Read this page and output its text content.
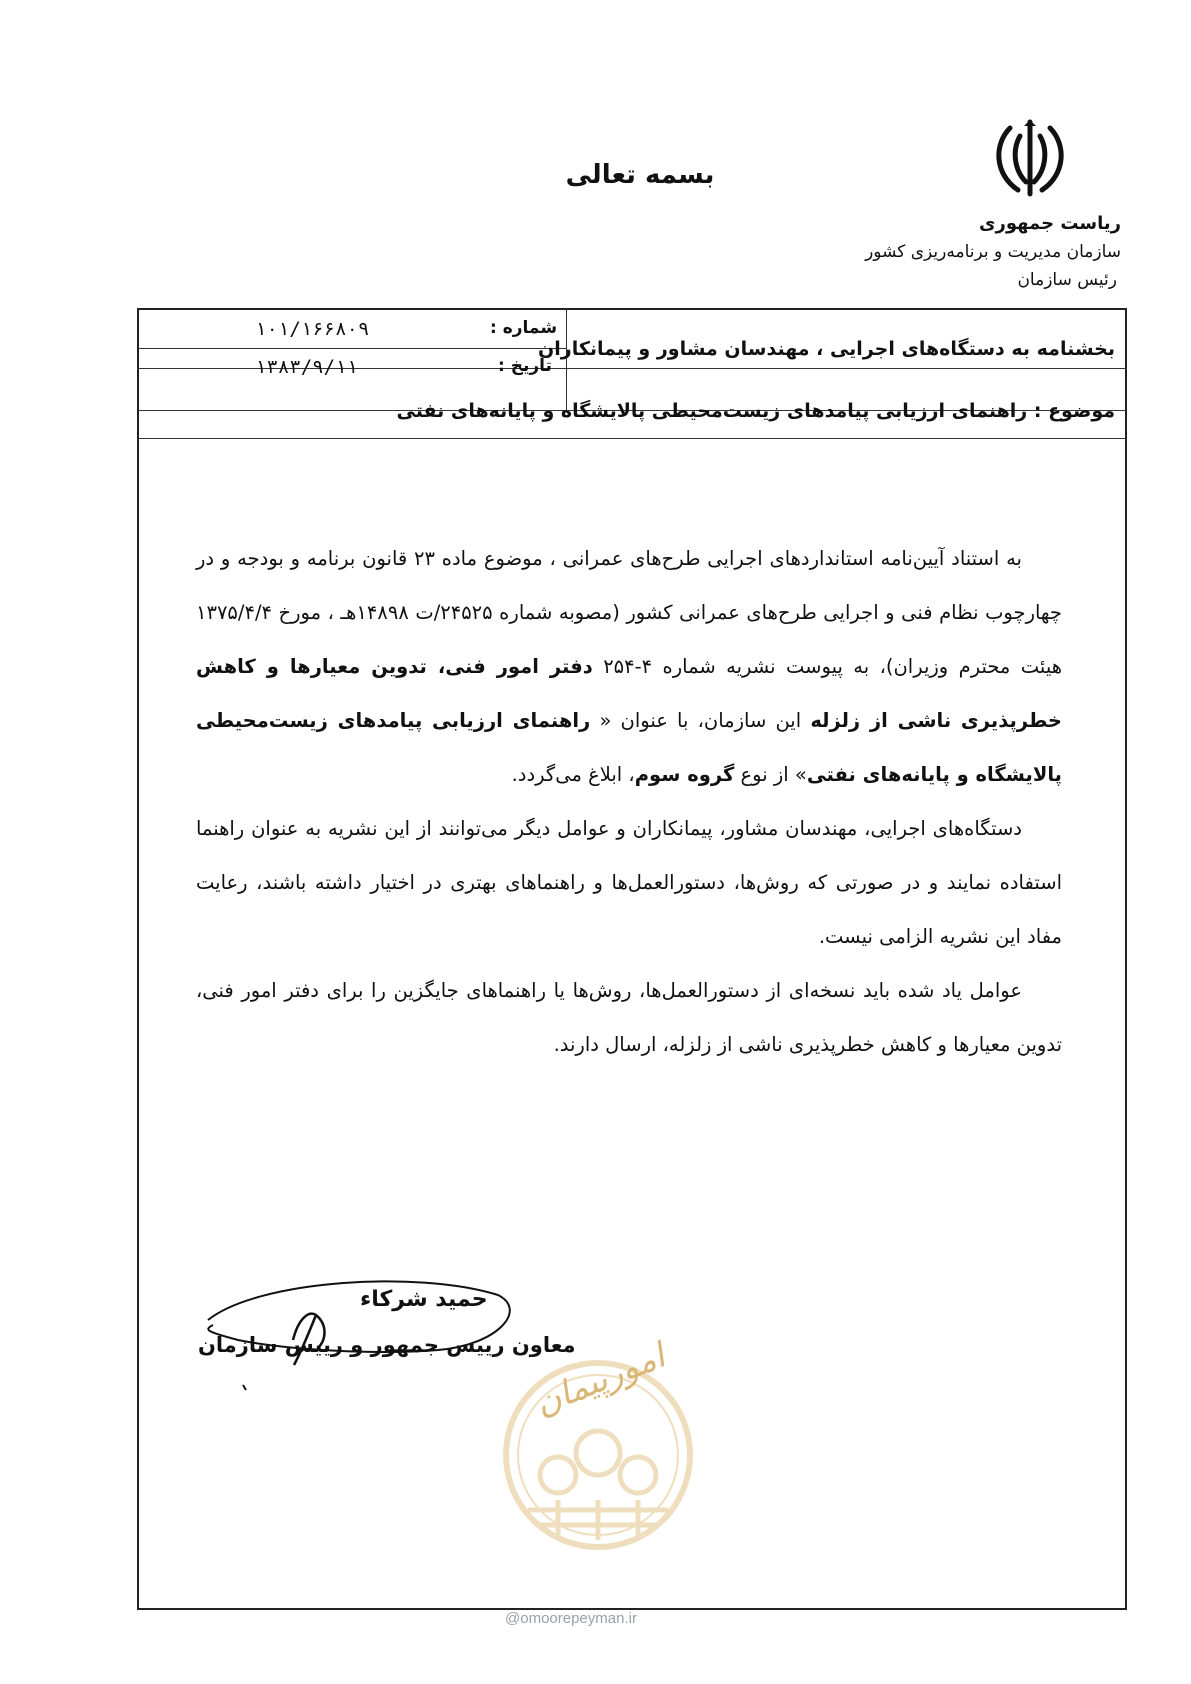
بسمه تعالی
ریاست جمهوری
سازمان مدیریت و برنامه‌ریزی کشور
رئیس سازمان
شماره :
۱۰۱/۱۶۶۸۰۹
تاریخ :
۱۳۸۳/۹/۱۱
بخشنامه به دستگاه‌های اجرایی ، مهندسان مشاور و پیمانکاران
موضوع : راهنمای ارزیابی پیامدهای زیست‌محیطی پالایشگاه و پایانه‌های نفتی

به استناد آیین‌نامه استانداردهای اجرایی طرح‌های عمرانی ، موضوع ماده ۲۳ قانون برنامه و بودجه و در چهارچوب نظام فنی و اجرایی طرح‌های عمرانی کشور (مصوبه شماره ۲۴۵۲۵/ت ۱۴۸۹۸هـ ، مورخ ۱۳۷۵/۴/۴ هیئت محترم وزیران)، به پیوست نشریه شماره ۴-۲۵۴ دفتر امور فنی، تدوین معیارها و کاهش خطرپذیری ناشی از زلزله این سازمان، با عنوان « راهنمای ارزیابی پیامدهای زیست‌محیطی پالایشگاه و پایانه‌های نفتی» از نوع گروه سوم، ابلاغ می‌گردد.

دستگاه‌های اجرایی، مهندسان مشاور، پیمانکاران و عوامل دیگر می‌توانند از این نشریه به عنوان راهنما استفاده نمایند و در صورتی که روش‌ها، دستورالعمل‌ها و راهنماهای بهتری در اختیار داشته باشند، رعایت مفاد این نشریه الزامی نیست.

عوامل یاد شده باید نسخه‌ای از دستورالعمل‌ها، روش‌ها یا راهنماهای جایگزین را برای دفتر امور فنی، تدوین معیارها و کاهش خطرپذیری ناشی از زلزله، ارسال دارند.

امورپیمان
حمید شرکاء
معاون رییس جمهور و رییس سازمان
@omoorepeyman.ir
